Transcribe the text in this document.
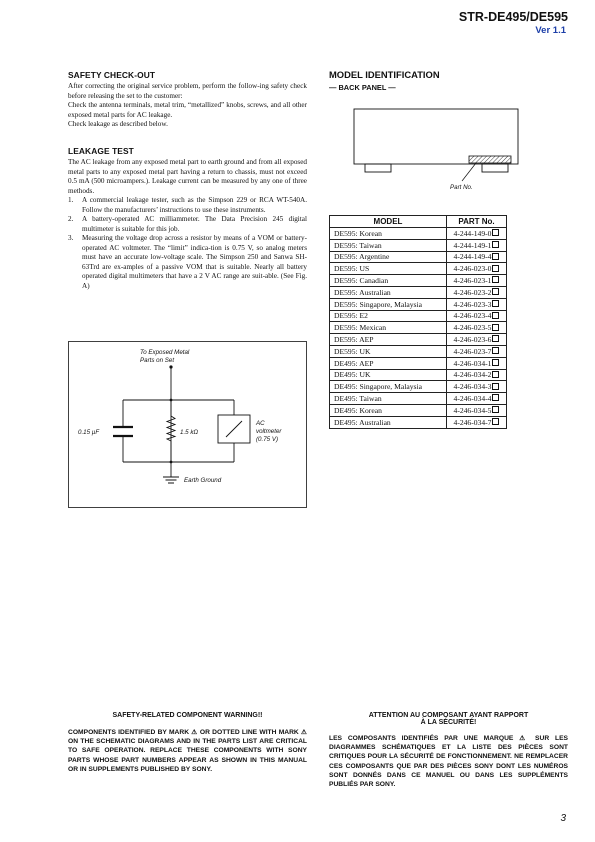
STR-DE495/DE595
Ver 1.1
SAFETY CHECK-OUT

After correcting the original service problem, perform the follow-ing safety check before releasing the set to the customer:

Check the antenna terminals, metal trim, “metallized” knobs, screws, and all other exposed metal parts for AC leakage.

Check leakage as described below.

LEAKAGE TEST

The AC leakage from any exposed metal part to earth ground and from all exposed metal parts to any exposed metal part having a return to chassis, must not exceed 0.5 mA (500 microampers.). Leakage current can be measured by any one of three methods.

1. A commercial leakage tester, such as the Simpson 229 or RCA WT-540A. Follow the manufacturers’ instructions to use these instruments.
2. A battery-operated AC milliammeter. The Data Precision 245 digital multimeter is suitable for this job.
3. Measuring the voltage drop across a resistor by means of a VOM or battery-operated AC voltmeter. The “limit” indica-tion is 0.75 V, so analog meters must have an accurate low-voltage scale. The Simpson 250 and Sanwa SH-63Trd are ex-amples of a passive VOM that is suitable. Nearly all battery operated digital multimeters that have a 2 V AC range are suit-able. (See Fig. A)
To Exposed Metal
Parts on Set
0.15 µF	1.5 kΩ
AC
voltmeter
(0.75 V)
Earth Ground
MODEL IDENTIFICATION
— BACK PANEL —
Part No.
MODEL	PART No.
DE595: Korean	4-244-149-0
DE595: Taiwan	4-244-149-1
DE595: Argentine	4-244-149-4
DE595: US	4-246-023-0
DE595: Canadian	4-246-023-1
DE595: Australian	4-246-023-2
DE595: Singapore, Malaysia	4-246-023-3
DE595: E2	4-246-023-4
DE595: Mexican	4-246-023-5
DE595: AEP	4-246-023-6
DE595: UK	4-246-023-7
DE495: AEP	4-246-034-1
DE495: UK	4-246-034-2
DE495: Singapore, Malaysia	4-246-034-3
DE495: Taiwan	4-246-034-4
DE495: Korean	4-246-034-5
DE495: Australian	4-246-034-7
SAFETY-RELATED COMPONENT WARNING!!
COMPONENTS IDENTIFIED BY MARK ⚠ OR DOTTED LINE WITH MARK ⚠ ON THE SCHEMATIC DIAGRAMS AND IN THE PARTS LIST ARE CRITICAL TO SAFE OPERATION. REPLACE THESE COMPONENTS WITH SONY PARTS WHOSE PART NUMBERS APPEAR AS SHOWN IN THIS MANUAL OR IN SUPPLEMENTS PUBLISHED BY SONY.
ATTENTION AU COMPOSANT AYANT RAPPORT
À LA SÉCURITÉ!
LES COMPOSANTS IDENTIFIÉS PAR UNE MARQUE ⚠ SUR LES DIAGRAMMES SCHÉMATIQUES ET LA LISTE DES PIÈCES SONT CRITIQUES POUR LA SÉCURITÉ DE FONCTIONNEMENT. NE REMPLACER CES COMPOSANTS QUE PAR DES PIÈCES SONY DONT LES NUMÉROS SONT DONNÉS DANS CE MANUEL OU DANS LES SUPPLÉMENTS PUBLIÉS PAR SONY.
3
